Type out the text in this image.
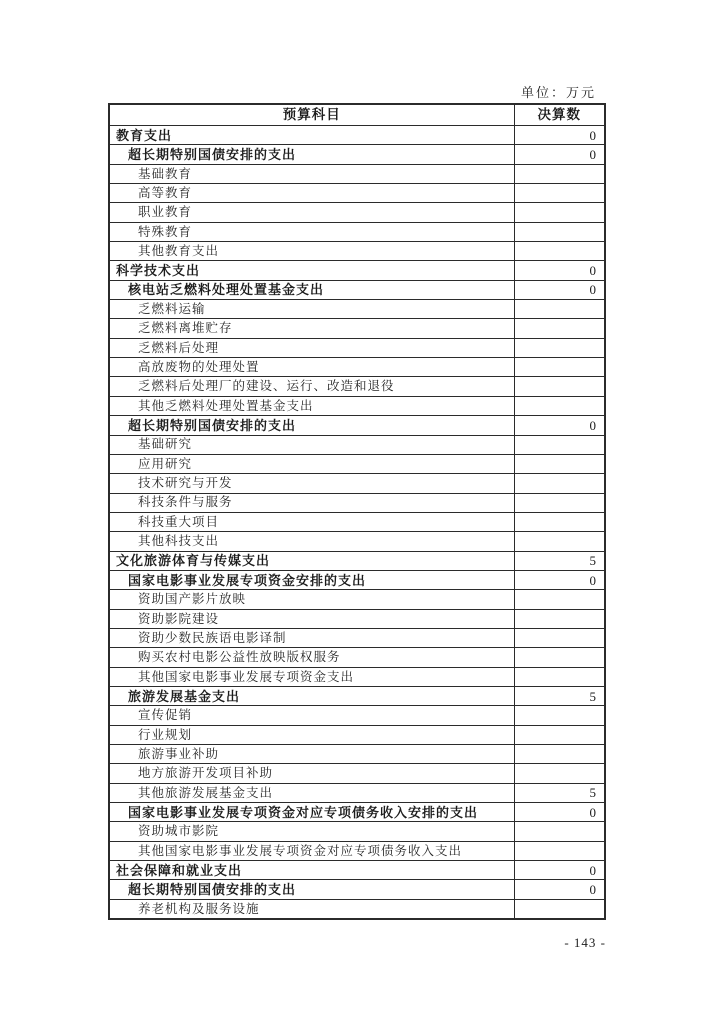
单位：万元
预算科目	决算数
教育支出	0
超长期特别国债安排的支出	0
基础教育	
高等教育	
职业教育	
特殊教育	
其他教育支出	
科学技术支出	0
核电站乏燃料处理处置基金支出	0
乏燃料运输	
乏燃料离堆贮存	
乏燃料后处理	
高放废物的处理处置	
乏燃料后处理厂的建设、运行、改造和退役	
其他乏燃料处理处置基金支出	
超长期特别国债安排的支出	0
基础研究	
应用研究	
技术研究与开发	
科技条件与服务	
科技重大项目	
其他科技支出	
文化旅游体育与传媒支出	5
国家电影事业发展专项资金安排的支出	0
资助国产影片放映	
资助影院建设	
资助少数民族语电影译制	
购买农村电影公益性放映版权服务	
其他国家电影事业发展专项资金支出	
旅游发展基金支出	5
宣传促销	
行业规划	
旅游事业补助	
地方旅游开发项目补助	
其他旅游发展基金支出	5
国家电影事业发展专项资金对应专项债务收入安排的支出	0
资助城市影院	
其他国家电影事业发展专项资金对应专项债务收入支出	
社会保障和就业支出	0
超长期特别国债安排的支出	0
养老机构及服务设施	
- 143 -
